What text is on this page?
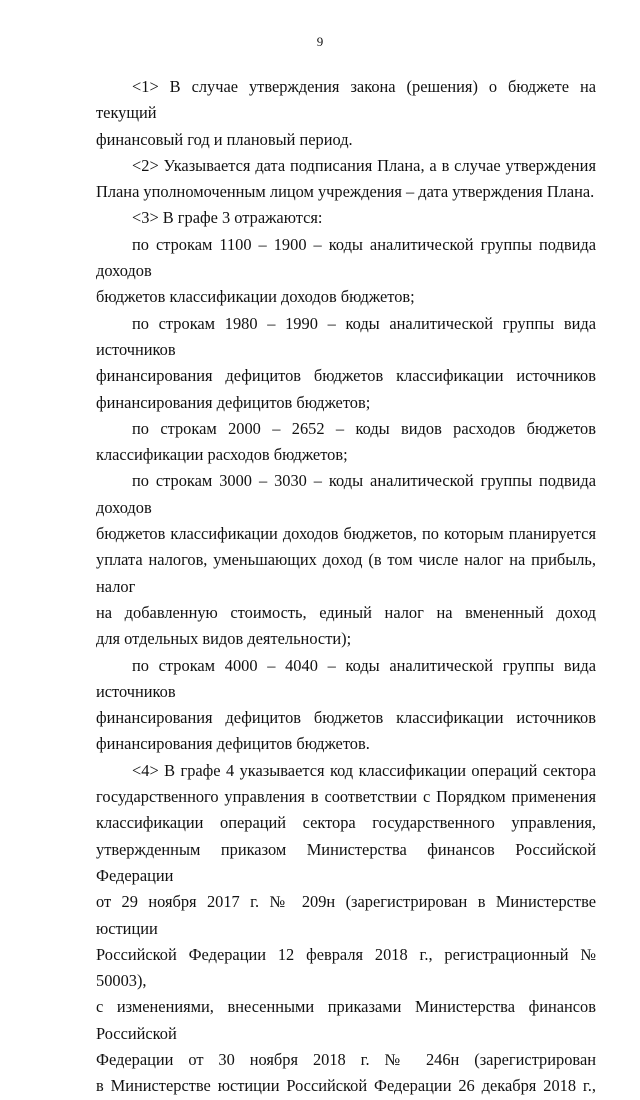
9

<1> В случае утверждения закона (решения) о бюджете на текущий

финансовый год и плановый период.

<2> Указывается дата подписания Плана, а в случае утверждения

Плана уполномоченным лицом учреждения – дата утверждения Плана.

<3> В графе 3 отражаются:

по строкам 1100 – 1900 – коды аналитической группы подвида доходов

бюджетов классификации доходов бюджетов;

по строкам 1980 – 1990 – коды аналитической группы вида источников

финансирования дефицитов бюджетов классификации источников

финансирования дефицитов бюджетов;

по строкам 2000 – 2652 – коды видов расходов бюджетов

классификации расходов бюджетов;

по строкам 3000 – 3030 – коды аналитической группы подвида доходов

бюджетов классификации доходов бюджетов, по которым планируется

уплата налогов, уменьшающих доход (в том числе налог на прибыль, налог

на добавленную стоимость, единый налог на вмененный доход

для отдельных видов деятельности);

по строкам 4000 – 4040 – коды аналитической группы вида источников

финансирования дефицитов бюджетов классификации источников

финансирования дефицитов бюджетов.

<4> В графе 4 указывается код классификации операций сектора

государственного управления в соответствии с Порядком применения

классификации операций сектора государственного управления,

утвержденным приказом Министерства финансов Российской Федерации

от 29 ноября 2017 г. № 209н (зарегистрирован в Министерстве юстиции

Российской Федерации 12 февраля 2018 г., регистрационный № 50003),

с изменениями, внесенными приказами Министерства финансов Российской

Федерации от 30 ноября 2018 г. № 246н (зарегистрирован

в Министерстве юстиции Российской Федерации 26 декабря 2018 г.,
